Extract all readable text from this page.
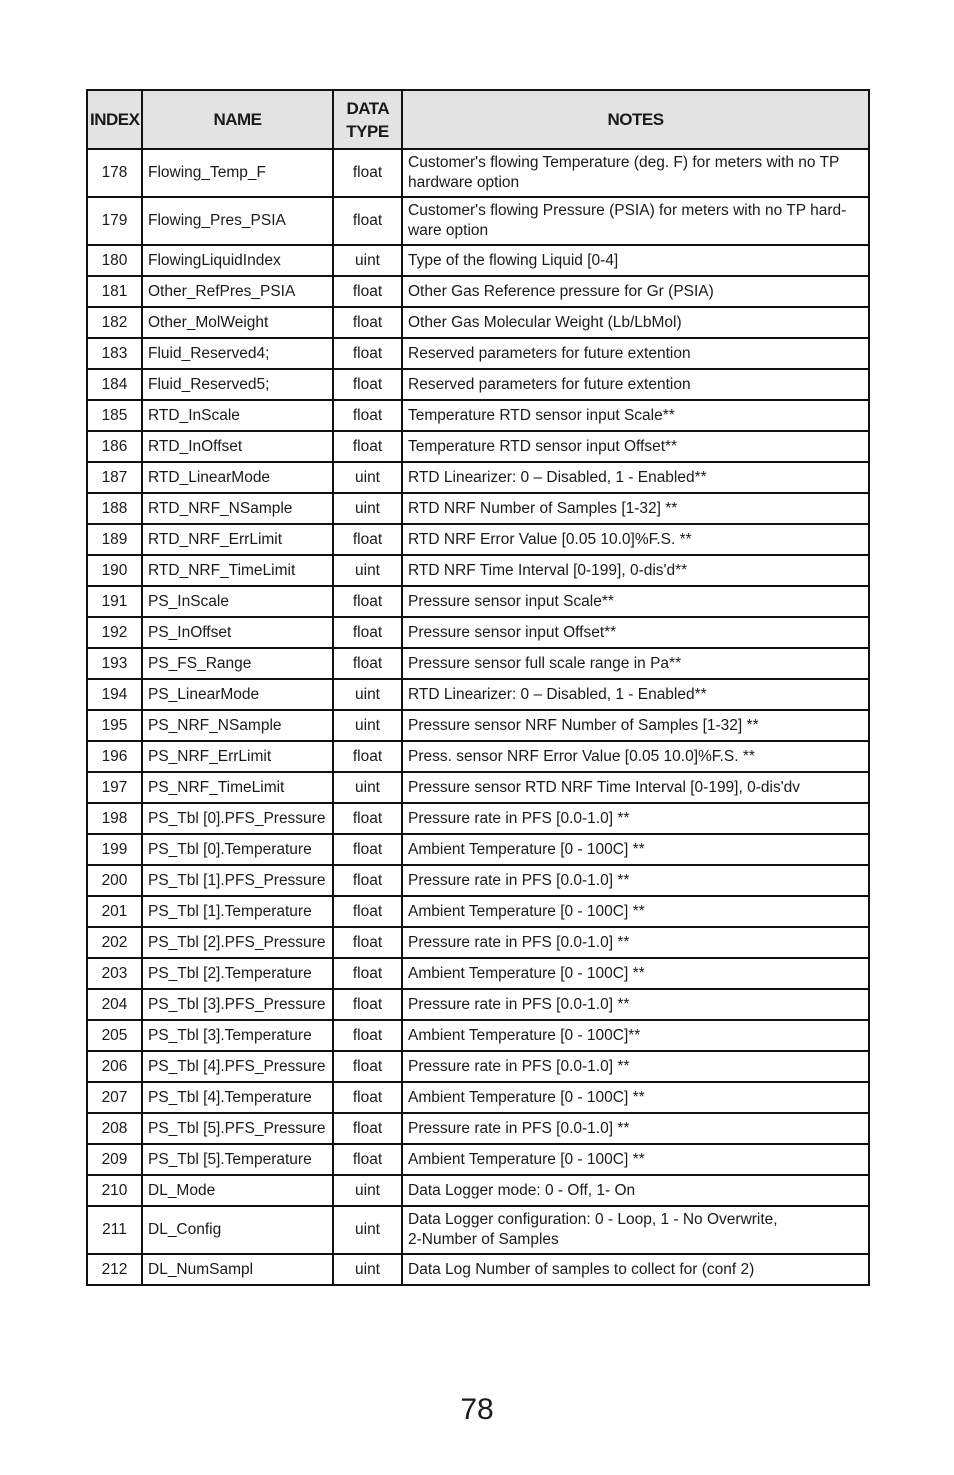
INDEX	NAME	DATA TYPE	NOTES
178	Flowing_Temp_F	float	Customer's flowing Temperature (deg. F) for meters with no TP
hardware option

179	Flowing_Pres_PSIA	float	Customer's flowing Pressure (PSIA) for meters with no TP hard-
ware option

180	FlowingLiquidIndex	uint	Type of the flowing Liquid [0-4]

181	Other_RefPres_PSIA	float	Other Gas Reference pressure for Gr (PSIA)

182	Other_MolWeight	float	Other Gas Molecular Weight (Lb/LbMol)

183	Fluid_Reserved4;	float	Reserved parameters for future extention

184	Fluid_Reserved5;	float	Reserved parameters for future extention

185	RTD_InScale	float	Temperature RTD sensor input Scale**

186	RTD_InOffset	float	Temperature RTD sensor input Offset**

187	RTD_LinearMode	uint	RTD Linearizer: 0 – Disabled, 1 - Enabled**

188	RTD_NRF_NSample	uint	RTD NRF Number of Samples [1-32] **

189	RTD_NRF_ErrLimit	float	RTD NRF Error Value [0.05 10.0]%F.S. **

190	RTD_NRF_TimeLimit	uint	RTD NRF Time Interval [0-199], 0-dis'd**

191	PS_InScale	float	Pressure sensor input Scale**

192	PS_InOffset	float	Pressure sensor input Offset**

193	PS_FS_Range	float	Pressure sensor full scale range in Pa**

194	PS_LinearMode	uint	RTD Linearizer: 0 – Disabled, 1 - Enabled**

195	PS_NRF_NSample	uint	Pressure sensor NRF Number of Samples [1-32] **

196	PS_NRF_ErrLimit	float	Press. sensor NRF Error Value [0.05 10.0]%F.S. **

197	PS_NRF_TimeLimit	uint	Pressure sensor RTD NRF Time Interval [0-199], 0-dis'dv

198	PS_Tbl [0].PFS_Pressure	float	Pressure rate in PFS [0.0-1.0] **

199	PS_Tbl [0].Temperature	float	Ambient Temperature [0 - 100C] **

200	PS_Tbl [1].PFS_Pressure	float	Pressure rate in PFS [0.0-1.0] **

201	PS_Tbl [1].Temperature	float	Ambient Temperature [0 - 100C] **

202	PS_Tbl [2].PFS_Pressure	float	Pressure rate in PFS [0.0-1.0] **

203	PS_Tbl [2].Temperature	float	Ambient Temperature [0 - 100C] **

204	PS_Tbl [3].PFS_Pressure	float	Pressure rate in PFS [0.0-1.0] **

205	PS_Tbl [3].Temperature	float	Ambient Temperature [0 - 100C]**

206	PS_Tbl [4].PFS_Pressure	float	Pressure rate in PFS [0.0-1.0] **

207	PS_Tbl [4].Temperature	float	Ambient Temperature [0 - 100C] **

208	PS_Tbl [5].PFS_Pressure	float	Pressure rate in PFS [0.0-1.0] **

209	PS_Tbl [5].Temperature	float	Ambient Temperature [0 - 100C] **

210	DL_Mode	uint	Data Logger mode: 0 - Off, 1- On

211	DL_Config	uint	Data Logger configuration: 0 - Loop, 1 - No Overwrite,
2-Number of Samples

212	DL_NumSampl	uint	Data Log Number of samples to collect for (conf 2)
78
